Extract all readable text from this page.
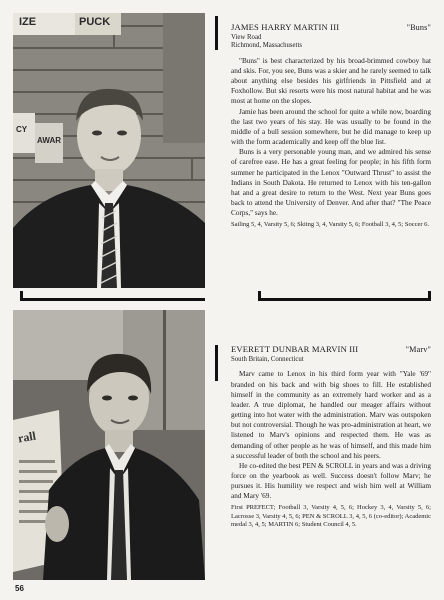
IZE	PUCK
AWAR
CY
JAMES HARRY MARTIN III	"Buns"
View Road
Richmond, Massachusetts

"Buns" is best characterized by his broad-brimmed cowboy hat and skis. For, you see, Buns was a skier and he rarely seemed to talk about anything else besides his girlfriends in Pittsfield and at Foxhollow. But ski resorts were his most natural habitat and he was most at home on the slopes.

Jamie has been around the school for quite a while now, boarding the last two years of his stay. He was usually to be found in the middle of a bull session somewhere, but he did manage to keep up with the form academically and keep off the blue list.

Buns is a very personable young man, and we admired his sense of carefree ease. He has a great feeling for people; in his fifth form summer he participated in the Lenox "Outward Thrust" to assist the Indians in South Dakota. He returned to Lenox with his ten-gallon hat and a great desire to return to the West. Next year Buns goes back to attend the University of Denver. And after that? "The Peace Corps," says he.

Sailing 5, 4, Varsity 5, 6; Skiing 3, 4, Varsity 5, 6; Football 3, 4, 5; Soccer 6.
rall
EVERETT DUNBAR MARVIN III	"Marv"
South Britain, Connecticut

Marv came to Lenox in his third form year with "Yale '69" branded on his back and with big shoes to fill. He established himself in the community as an extremely hard worker and as a leader. A true diplomat, he handled our meager affairs without getting into hot water with the administration. Marv was outspoken but not controversial. Though he was pro-administration at heart, we listened to Marv's opinions and respected them. He was as demanding of other people as he was of himself, and this made him a successful leader of both the school and his peers.

He co-edited the best PEN & SCROLL in years and was a driving force on the yearbook as well. Success doesn't follow Marv; he pursues it. His humility we respect and wish him well at William and Mary '69.

First PREFECT; Football 3, Varsity 4, 5, 6; Hockey 3, 4, Varsity 5, 6; Lacrosse 3, Varsity 4, 5, 6; PEN & SCROLL 3, 4, 5, 6 (co-editor); Academic medal 3, 4, 5; MARTIN 6; Student Council 4, 5.
56
